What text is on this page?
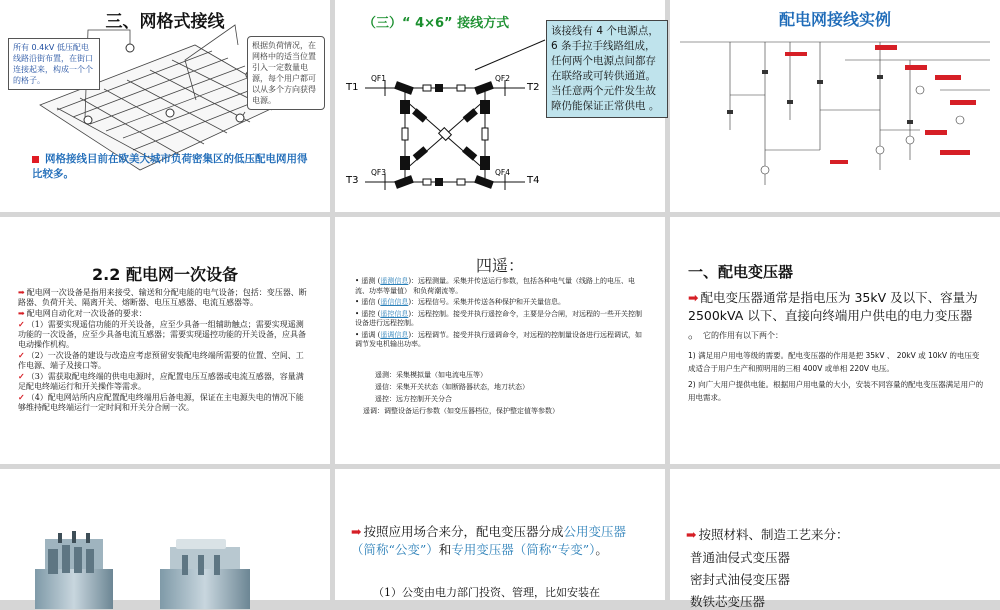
三、网格式接线
所有 0.4kV 低压配电线路沿街布置，在街口连接起来，构成一个个的格子。
根据负荷情况，在网格中的适当位置引入一定数量电源，每个用户都可以从多个方向获得电源。
网格接线目前在欧美大城市负荷密集区的低压配电网用得比较多。
（三）“ 4×6” 接线方式
T1	T2
T3	T4
QF1	QF2
QF3	QF4
该接线有 4 个电源点，6 条手拉手线路组成，任何两个电源点间都存在联络或可转供通道。当任意两个元件发生故障仍能保证正常供电 。
配电网接线实例
2.2 配电网一次设备
➡ 配电网一次设备是指用来接受、输送和分配电能的电气设备；包括：变压器、断路器、负荷开关、隔离开关、熔断器、电压互感器、电流互感器等。
➡ 配电网自动化对一次设备的要求：
✓ （1）需要实现遥信功能的开关设备，应至少具备一组辅助触点；需要实现遥测功能的一次设备，应至少具备电流互感器；需要实现遥控功能的开关设备，应具备电动操作机构。
✓ （2）一次设备的建设与改造应考虑预留安装配电终端所需要的位置、空间、工作电源、端子及接口等。
✓ （3）需获取配电终端的供电电源时，应配置电压互感器或电流互感器，容量满足配电终端运行和开关操作等需求。
✓ （4）配电网站所内应配置配电终端用后备电源，保证在主电源失电的情况下能够维持配电终端运行一定时间和开关分合闸一次。
四遥：
• 遥测 (遥测信息)：远程测量。采集并传送运行参数，包括各种电气量（线路上的电压、电流、功率等量值） 和负荷潮流等。
• 遥信 (遥信信息)：远程信号。采集并传送各种保护和开关量信息。
• 遥控 (遥控信息)：远程控制。接受并执行遥控命令，主要是分合闸，对远程的一些开关控制设备进行远程控制。
• 遥调 (遥调信息)：远程调节。接受并执行遥调命令，对远程的控制量设备进行远程调试，如调节发电机输出功率。
遥测：采集模拟量（如电流电压等）
遥信：采集开关状态（如断路器状态，地刀状态）
遥控：远方控制开关分合
遥调：调整设备运行参数（如变压器档位，保护整定值等参数）
一、配电变压器
➡ 配电变压器通常是指电压为 35kV 及以下、容量为 2500kVA 以下、直接向终端用户供电的电力变压器 。 它的作用有以下两个：
1) 满足用户用电等级的需要。配电变压器的作用是把 35kV 、 20kV 或 10kV 的电压变成适合于用户生产和照明用的三相 400V 或单相 220V 电压。
2) 向广大用户提供电能。根据用户用电量的大小，安装不同容量的配电变压器满足用户的用电需求。
➡ 按照应用场合来分，配电变压器分成公用变压器（简称“公变”）和专用变压器（简称“专变”）。
（1）公变由电力部门投资、管理，比如安装在
➡ 按照材料、制造工艺来分：
普通油侵式变压器
密封式油侵变压器
数铁芯变压器
